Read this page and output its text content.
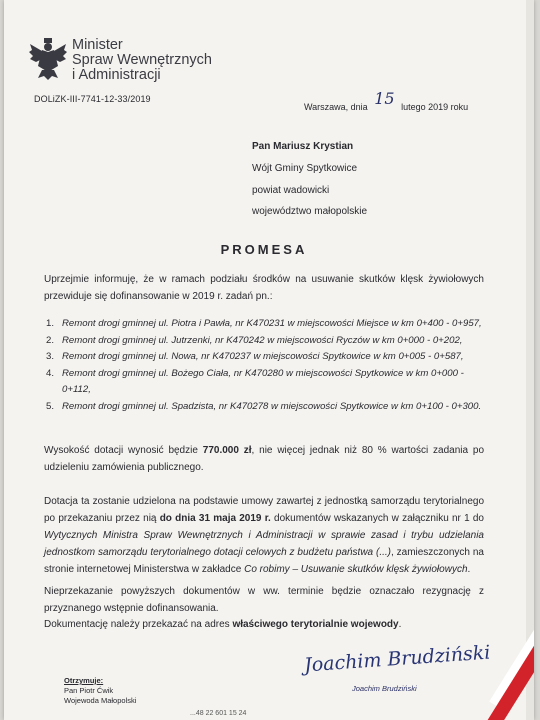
Minister
Spraw Wewnętrznych
i Administracji
DOLiZK-III-7741-12-33/2019
Warszawa, dnia 15 lutego 2019 roku
Pan Mariusz Krystian
Wójt Gminy Spytkowice
powiat wadowicki
województwo małopolskie
PROMESA
Uprzejmie informuję, że w ramach podziału środków na usuwanie skutków klęsk żywiołowych przewiduje się dofinansowanie w 2019 r. zadań pn.:
1. Remont drogi gminnej ul. Piotra i Pawła, nr K470231 w miejscowości Miejsce w km 0+400 - 0+957,
2. Remont drogi gminnej ul. Jutrzenki, nr K470242 w miejscowości Ryczów w km 0+000 - 0+202,
3. Remont drogi gminnej ul. Nowa, nr K470237 w miejscowości Spytkowice w km 0+005 - 0+587,
4. Remont drogi gminnej ul. Bożego Ciała, nr K470280 w miejscowości Spytkowice w km 0+000 - 0+112,
5. Remont drogi gminnej ul. Spadzista, nr K470278 w miejscowości Spytkowice w km 0+100 - 0+300.
Wysokość dotacji wynosić będzie 770.000 zł, nie więcej jednak niż 80 % wartości zadania po udzieleniu zamówienia publicznego.
Dotacja ta zostanie udzielona na podstawie umowy zawartej z jednostką samorządu terytorialnego po przekazaniu przez nią do dnia 31 maja 2019 r. dokumentów wskazanych w załączniku nr 1 do Wytycznych Ministra Spraw Wewnętrznych i Administracji w sprawie zasad i trybu udzielania jednostkom samorządu terytorialnego dotacji celowych z budżetu państwa (...), zamieszczonych na stronie internetowej Ministerstwa w zakładce Co robimy – Usuwanie skutków klęsk żywiołowych.
Nieprzekazanie powyższych dokumentów w ww. terminie będzie oznaczało rezygnację z przyznanego wstępnie dofinansowania.
Dokumentację należy przekazać na adres właściwego terytorialnie wojewody.
Otrzymuje:
Pan Piotr Ćwik
Wojewoda Małopolski
Joachim Brudziński
Joachim Brudziński
...48 22 601 15 24
